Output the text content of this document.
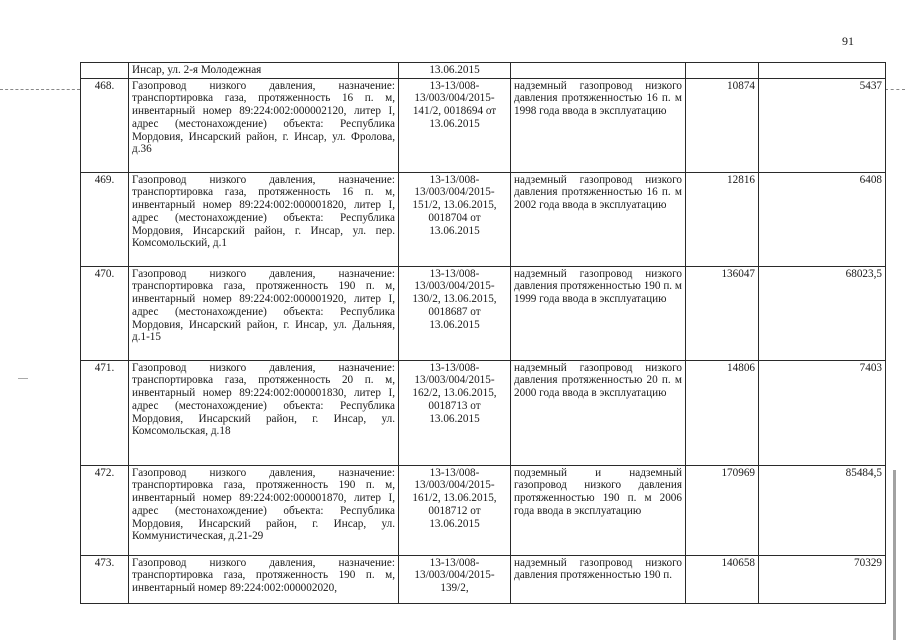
91
	Инсар, ул. 2-я Молодежная	13.06.2015			
468.	Газопровод низкого давления, назначение: транспортировка газа, протяженность 16 п. м, инвентарный номер 89:224:002:000002120, литер I, адрес (местонахождение) объекта: Республика Мордовия, Инсарский район, г. Инсар, ул. Фролова, д.36	13-13/008-13/003/004/2015-141/2, 0018694 от 13.06.2015	надземный газопровод низкого давления протяженностью 16 п. м 1998 года ввода в эксплуатацию	10874	5437
469.	Газопровод низкого давления, назначение: транспортировка газа, протяженность 16 п. м, инвентарный номер 89:224:002:000001820, литер I, адрес (местонахождение) объекта: Республика Мордовия, Инсарский район, г. Инсар, ул. пер. Комсомольский, д.1	13-13/008-13/003/004/2015-151/2, 13.06.2015, 0018704 от 13.06.2015	надземный газопровод низкого давления протяженностью 16 п. м 2002 года ввода в эксплуатацию	12816	6408
470.	Газопровод низкого давления, назначение: транспортировка газа, протяженность 190 п. м, инвентарный номер 89:224:002:000001920, литер I, адрес (местонахождение) объекта: Республика Мордовия, Инсарский район, г. Инсар, ул. Дальняя, д.1-15	13-13/008-13/003/004/2015-130/2, 13.06.2015, 0018687 от 13.06.2015	надземный газопровод низкого давления протяженностью 190 п. м 1999 года ввода в эксплуатацию	136047	68023,5
471.	Газопровод низкого давления, назначение: транспортировка газа, протяженность 20 п. м, инвентарный номер 89:224:002:000001830, литер I, адрес (местонахождение) объекта: Республика Мордовия, Инсарский район, г. Инсар, ул. Комсомольская, д.18	13-13/008-13/003/004/2015-162/2, 13.06.2015, 0018713 от 13.06.2015	надземный газопровод низкого давления протяженностью 20 п. м 2000 года ввода в эксплуатацию	14806	7403
472.	Газопровод низкого давления, назначение: транспортировка газа, протяженность 190 п. м, инвентарный номер 89:224:002:000001870, литер I, адрес (местонахождение) объекта: Республика Мордовия, Инсарский район, г. Инсар, ул. Коммунистическая, д.21-29	13-13/008-13/003/004/2015-161/2, 13.06.2015, 0018712 от 13.06.2015	подземный и надземный газопровод низкого давления протяженностью 190 п. м 2006 года ввода в эксплуатацию	170969	85484,5
473.	Газопровод низкого давления, назначение: транспортировка газа, протяженность 190 п. м, инвентарный номер 89:224:002:000002020,	13-13/008-13/003/004/2015-139/2,	надземный газопровод низкого давления протяженностью 190 п.	140658	70329
